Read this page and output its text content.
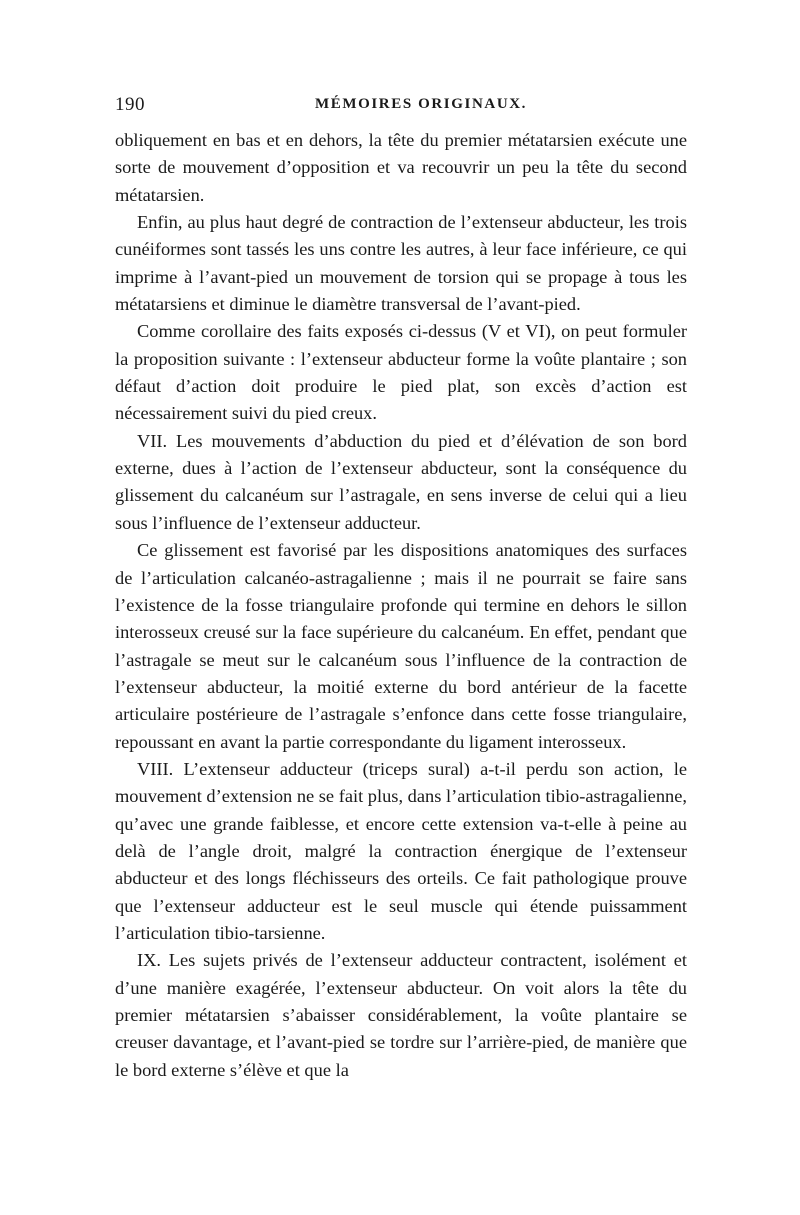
190	MÉMOIRES ORIGINAUX.

obliquement en bas et en dehors, la tête du premier métatarsien exécute une sorte de mouvement d’opposition et va recouvrir un peu la tête du second métatarsien.

Enfin, au plus haut degré de contraction de l’extenseur abducteur, les trois cunéiformes sont tassés les uns contre les autres, à leur face inférieure, ce qui imprime à l’avant-pied un mouvement de torsion qui se propage à tous les métatarsiens et diminue le diamètre transversal de l’avant-pied.

Comme corollaire des faits exposés ci-dessus (V et VI), on peut formuler la proposition suivante : l’extenseur abducteur forme la voûte plantaire ; son défaut d’action doit produire le pied plat, son excès d’action est nécessairement suivi du pied creux.

VII. Les mouvements d’abduction du pied et d’élévation de son bord externe, dues à l’action de l’extenseur abducteur, sont la conséquence du glissement du calcanéum sur l’astragale, en sens inverse de celui qui a lieu sous l’influence de l’extenseur adducteur.

Ce glissement est favorisé par les dispositions anatomiques des surfaces de l’articulation calcanéo-astragalienne ; mais il ne pourrait se faire sans l’existence de la fosse triangulaire profonde qui termine en dehors le sillon interosseux creusé sur la face supérieure du calcanéum. En effet, pendant que l’astragale se meut sur le calcanéum sous l’influence de la contraction de l’extenseur abducteur, la moitié externe du bord antérieur de la facette articulaire postérieure de l’astragale s’enfonce dans cette fosse triangulaire, repoussant en avant la partie correspondante du ligament interosseux.

VIII. L’extenseur adducteur (triceps sural) a-t-il perdu son action, le mouvement d’extension ne se fait plus, dans l’articulation tibio-astragalienne, qu’avec une grande faiblesse, et encore cette extension va-t-elle à peine au delà de l’angle droit, malgré la contraction énergique de l’extenseur abducteur et des longs fléchisseurs des orteils. Ce fait pathologique prouve que l’extenseur adducteur est le seul muscle qui étende puissamment l’articulation tibio-tarsienne.

IX. Les sujets privés de l’extenseur adducteur contractent, isolément et d’une manière exagérée, l’extenseur abducteur. On voit alors la tête du premier métatarsien s’abaisser considérablement, la voûte plantaire se creuser davantage, et l’avant-pied se tordre sur l’arrière-pied, de manière que le bord externe s’élève et que la
